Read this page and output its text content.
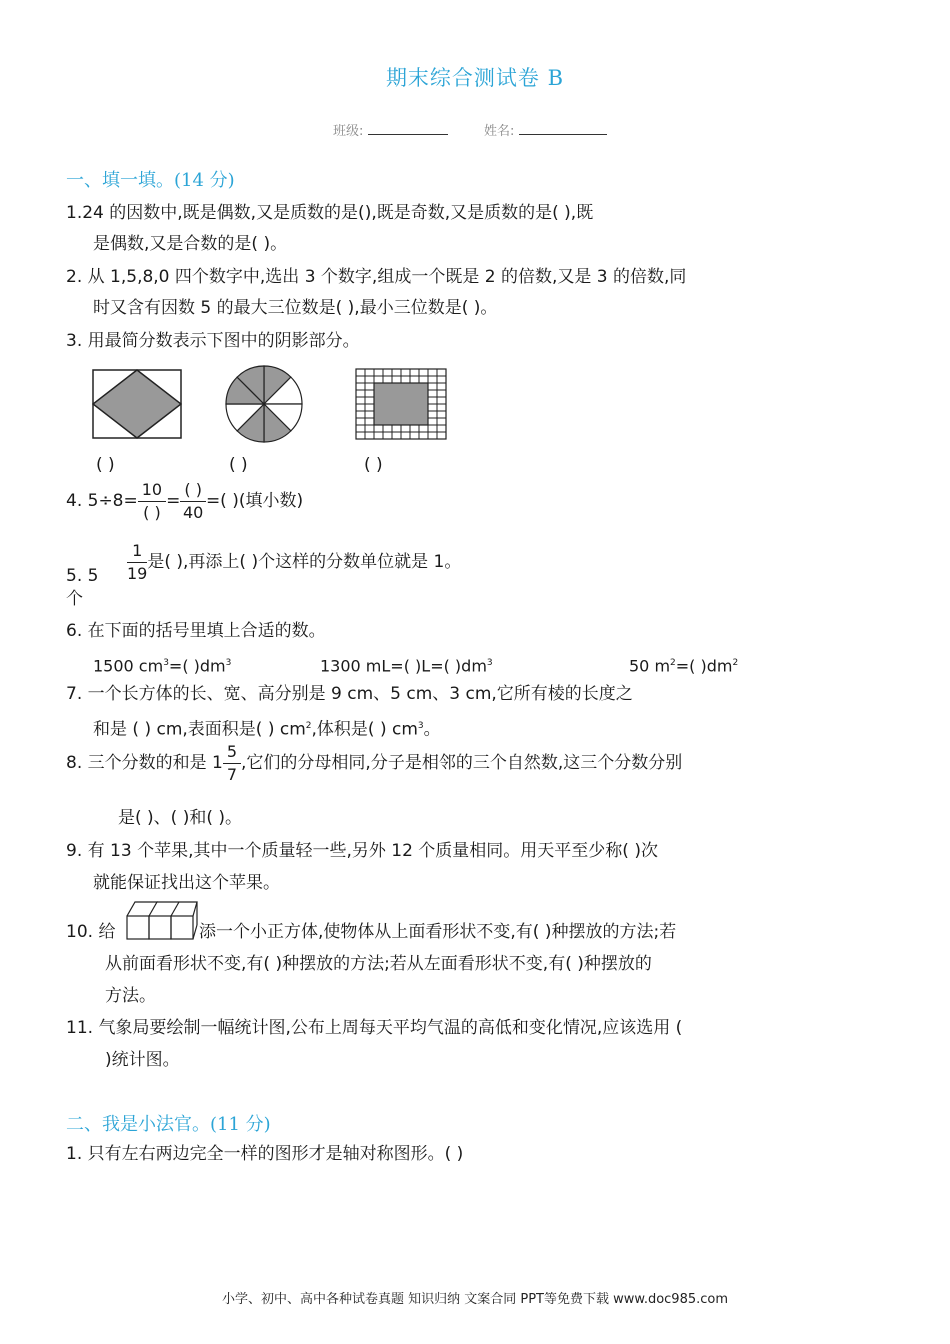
期末综合测试卷 B
班级:	姓名:
一、填一填。(14 分)
1.24 的因数中,既是偶数,又是质数的是(),既是奇数,又是质数的是( ),既
是偶数,又是合数的是( )。
2. 从 1,5,8,0 四个数字中,选出 3 个数字,组成一个既是 2 的倍数,又是 3 的倍数,同
时又含有因数 5 的最大三位数是( ),最小三位数是( )。
3. 用最简分数表示下图中的阴影部分。
( )	( )	( )
4. $5\div 8= \frac{10}{( )} = \frac{( )}{40}$ =( )(填小数)
5. 5
个
$\frac{1}{19}$ 是( ),再添上( )个这样的分数单位就是 1。
6. 在下面的括号里填上合适的数。
1500 $cm^3=$( )$dm^3$	1300 mL=( )L=( )$dm^3$	50 $m^2=$( )$dm^2$
7. 一个长方体的长、宽、高分别是 9 cm、5 cm、3 cm,它所有棱的长度之
和是 ( ) cm,表面积是( ) $cm^2$,体积是( ) $cm^3$。
8. 三个分数的和是 $1 \frac{5}{7}$ ,它们的分母相同,分子是相邻的三个自然数,这三个分数分别
是( )、( )和( )。
9. 有 13 个苹果,其中一个质量轻一些,另外 12 个质量相同。用天平至少称( )次
就能保证找出这个苹果。
10. 给	添一个小正方体,使物体从上面看形状不变,有( )种摆放的方法;若
从前面看形状不变,有( )种摆放的方法;若从左面看形状不变,有( )种摆放的
方法。
11. 气象局要绘制一幅统计图,公布上周每天平均气温的高低和变化情况,应该选用 (
)统计图。
二、我是小法官。(11 分)
1. 只有左右两边完全一样的图形才是轴对称图形。( )
小学、初中、高中各种试卷真题 知识归纳 文案合同 PPT等免费下载 www.doc985.com
